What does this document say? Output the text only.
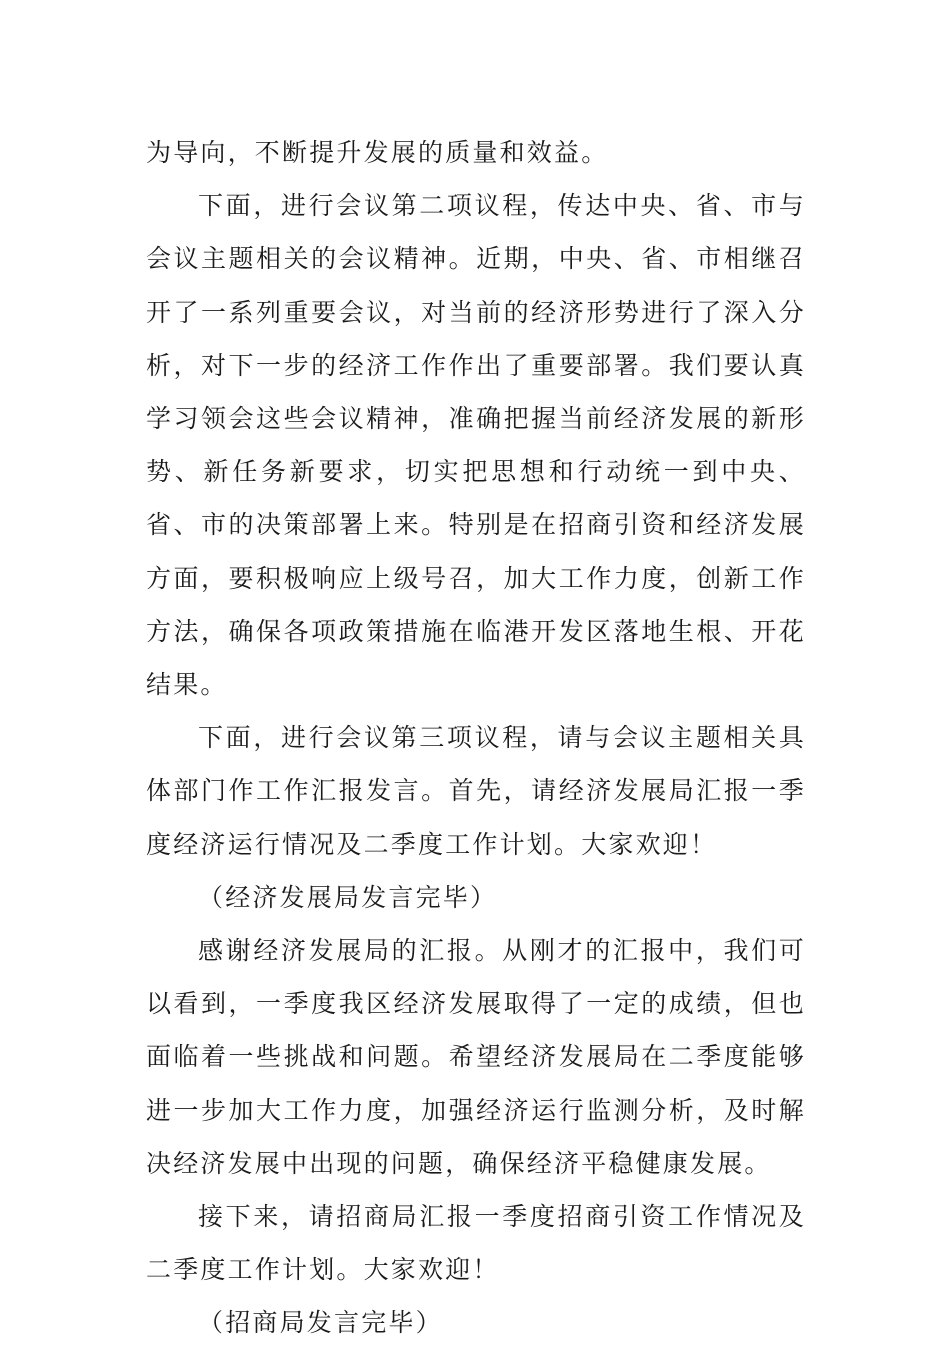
为导向，不断提升发展的质量和效益。

下面，进行会议第二项议程，传达中央、省、市与会议主题相关的会议精神。近期，中央、省、市相继召开了一系列重要会议，对当前的经济形势进行了深入分析，对下一步的经济工作作出了重要部署。我们要认真学习领会这些会议精神，准确把握当前经济发展的新形势、新任务新要求，切实把思想和行动统一到中央、省、市的决策部署上来。特别是在招商引资和经济发展方面，要积极响应上级号召，加大工作力度，创新工作方法，确保各项政策措施在临港开发区落地生根、开花结果。

下面，进行会议第三项议程，请与会议主题相关具体部门作工作汇报发言。首先，请经济发展局汇报一季度经济运行情况及二季度工作计划。大家欢迎！

（经济发展局发言完毕）

感谢经济发展局的汇报。从刚才的汇报中，我们可以看到，一季度我区经济发展取得了一定的成绩，但也面临着一些挑战和问题。希望经济发展局在二季度能够进一步加大工作力度，加强经济运行监测分析，及时解决经济发展中出现的问题，确保经济平稳健康发展。

接下来，请招商局汇报一季度招商引资工作情况及二季度工作计划。大家欢迎！

（招商局发言完毕）
